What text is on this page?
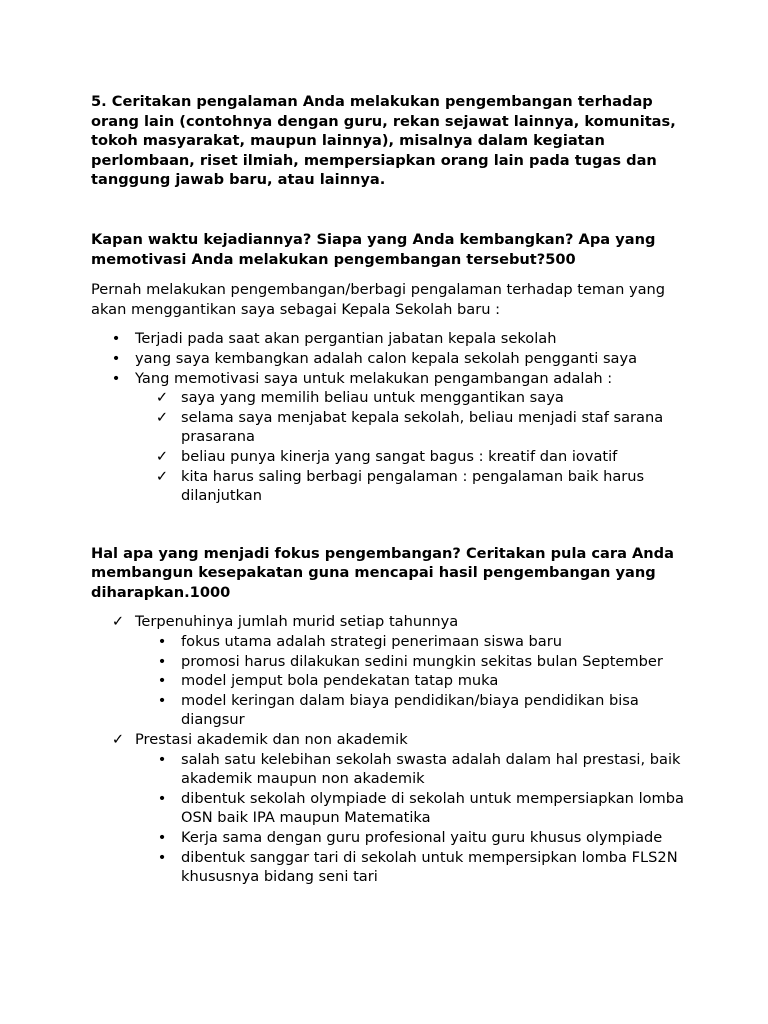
5. Ceritakan pengalaman Anda melakukan pengembangan terhadap orang lain (contohnya dengan guru, rekan sejawat lainnya, komunitas, tokoh masyarakat, maupun lainnya), misalnya dalam kegiatan perlombaan, riset ilmiah, mempersiapkan orang lain pada tugas dan tanggung jawab baru, atau lainnya.

Kapan waktu kejadiannya? Siapa yang Anda kembangkan? Apa yang memotivasi Anda melakukan pengembangan tersebut?500

Pernah melakukan pengembangan/berbagi pengalaman terhadap teman yang akan menggantikan saya sebagai Kepala Sekolah baru :

• Terjadi pada saat akan pergantian jabatan kepala sekolah
• yang saya kembangkan adalah calon kepala sekolah pengganti saya
• Yang memotivasi saya untuk melakukan pengambangan adalah :
✓ saya yang memilih beliau untuk menggantikan saya
✓ selama saya menjabat kepala sekolah, beliau menjadi staf sarana prasarana
✓ beliau punya kinerja yang sangat bagus : kreatif dan iovatif
✓ kita harus saling berbagi pengalaman : pengalaman baik harus dilanjutkan

Hal apa yang menjadi fokus pengembangan? Ceritakan pula cara Anda membangun kesepakatan guna mencapai hasil pengembangan yang diharapkan.1000

✓ Terpenuhinya jumlah murid setiap tahunnya
• fokus utama adalah strategi penerimaan siswa baru
• promosi harus dilakukan sedini mungkin sekitas bulan September
• model jemput bola pendekatan tatap muka
• model keringan dalam biaya pendidikan/biaya pendidikan bisa diangsur
✓ Prestasi akademik dan non akademik
• salah satu kelebihan sekolah swasta adalah dalam hal prestasi, baik akademik maupun non akademik
• dibentuk sekolah olympiade di sekolah untuk mempersiapkan lomba OSN baik IPA maupun Matematika
• Kerja sama dengan guru profesional yaitu guru khusus olympiade
• dibentuk sanggar tari di sekolah untuk mempersipkan lomba FLS2N khususnya bidang seni tari
